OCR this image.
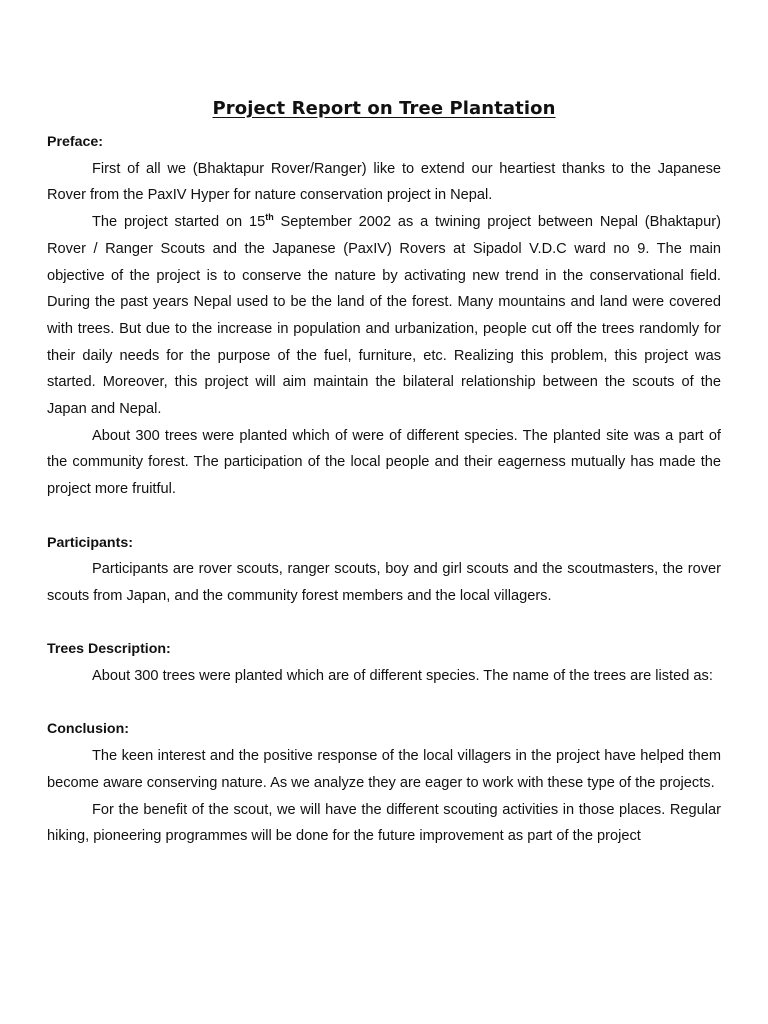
Project Report on Tree Plantation

Preface:

First of all we (Bhaktapur Rover/Ranger) like to extend our heartiest thanks to the Japanese Rover from the PaxIV Hyper for nature conservation project in Nepal.

The project started on 15th September 2002 as a twining project between Nepal (Bhaktapur) Rover / Ranger Scouts and the Japanese (PaxIV) Rovers at Sipadol V.D.C ward no 9. The main objective of the project is to conserve the nature by activating new trend in the conservational field. During the past years Nepal used to be the land of the forest. Many mountains and land were covered with trees. But due to the increase in population and urbanization, people cut off the trees randomly for their daily needs for the purpose of the fuel, furniture, etc. Realizing this problem, this project was started. Moreover, this project will aim maintain the bilateral relationship between the scouts of the Japan and Nepal.

About 300 trees were planted which of were of different species. The planted site was a part of the community forest. The participation of the local people and their eagerness mutually has made the project more fruitful.

Participants:

Participants are rover scouts, ranger scouts, boy and girl scouts and the scoutmasters, the rover scouts from Japan, and the community forest members and the local villagers.

Trees Description:

About 300 trees were planted which are of different species. The name of the trees are listed as:

Conclusion:

The keen interest and the positive response of the local villagers in the project have helped them become aware conserving nature. As we analyze they are eager to work with these type of the projects.

For the benefit of the scout, we will have the different scouting activities in those places. Regular hiking, pioneering programmes will be done for the future improvement as part of the project
